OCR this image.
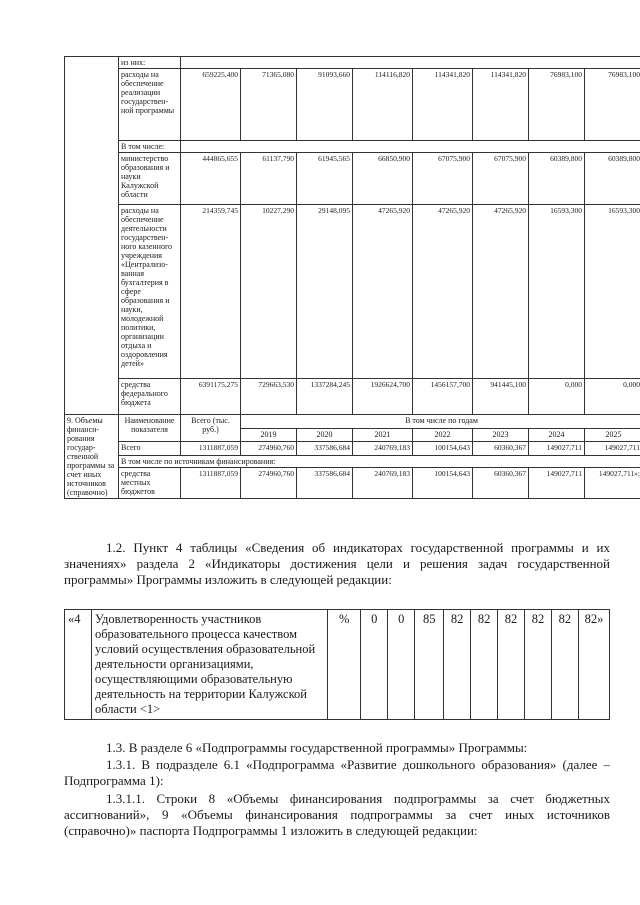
	из них:								
	расходы на обеспечение реализации государствен-ной программы	659225,400	71365,080	91093,660	114116,820	114341,820	114341,820	76983,100	76983,100
	В том числе:								
	министерство образования и науки Калужской области	444865,655	61137,790	61945,565	66850,900	67075,900	67075,900	60389,800	60389,800
	расходы на обеспечение деятельности государствен-ного казенного учреждения «Централизо-ванная бухгалтерия в сфере образования и науки, молодежной политики, организации отдыха и оздоровления детей»	214359,745	10227,290	29148,095	47265,920	47265,920	47265,920	16593,300	16593,300
	средства федерального бюджета	6391175,275	729663,530	1337284,245	1926624,700	1456157,700	941445,100	0,000	0,000
9. Объемы финанси-рования государ-ственной программы за счет иных источников (справочно)	Наименование показателя	Всего (тыс. руб.)	В том числе по годам						
			2019	2020	2021	2022	2023	2024	2025
	Всего	1311887,059	274960,760	337586,684	240769,183	100154,643	60360,367	149027,711	149027,711
	В том числе по источникам финансирования:								
	средства местных бюджетов	1311887,059	274960,760	337586,684	240769,183	100154,643	60360,367	149027,711	149027,711»;

1.2. Пункт 4 таблицы «Сведения об индикаторах государственной программы и их значениях» раздела 2 «Индикаторы достижения цели и решения задач государственной программы» Программы изложить в следующей редакции:

«4	Удовлетворенность участников образовательного процесса качеством условий осуществления образовательной деятельности организациями, осуществляющими образовательную деятельность на территории Калужской области <1>	%	0	0	85	82	82	82	82	82	82»

1.3. В разделе 6 «Подпрограммы государственной программы» Программы:

1.3.1. В подразделе 6.1 «Подпрограмма «Развитие дошкольного образования» (далее – Подпрограмма 1):

1.3.1.1. Строки 8 «Объемы финансирования подпрограммы за счет бюджетных ассигнований», 9 «Объемы финансирования подпрограммы за счет иных источников (справочно)» паспорта Подпрограммы 1 изложить в следующей редакции:
